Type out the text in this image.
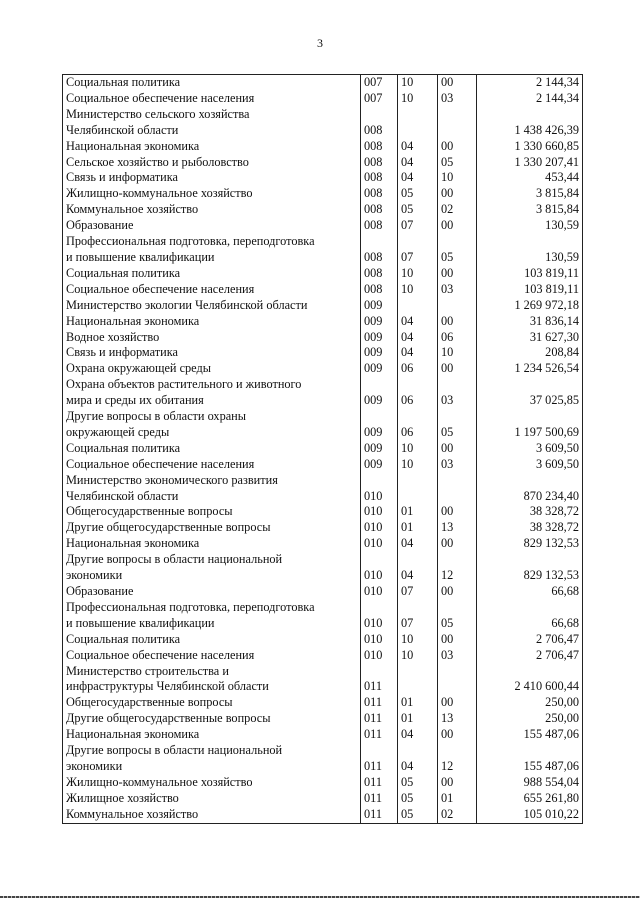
3
Социальная политика	007	10	00	2 144,34

Социальное обеспечение населения	007	10	03	2 144,34

Министерство сельского хозяйства
Челябинской области	008			1 438 426,39

Национальная экономика	008	04	00	1 330 660,85

Сельское хозяйство и рыболовство	008	04	05	1 330 207,41

Связь и информатика	008	04	10	453,44

Жилищно-коммунальное хозяйство	008	05	00	3 815,84

Коммунальное хозяйство	008	05	02	3 815,84

Образование	008	07	00	130,59

Профессиональная подготовка, переподготовка
и повышение квалификации	008	07	05	130,59

Социальная политика	008	10	00	103 819,11

Социальное обеспечение населения	008	10	03	103 819,11

Министерство экологии Челябинской области	009			1 269 972,18

Национальная экономика	009	04	00	31 836,14

Водное хозяйство	009	04	06	31 627,30

Связь и информатика	009	04	10	208,84

Охрана окружающей среды	009	06	00	1 234 526,54

Охрана объектов растительного и животного
мира и среды их обитания	009	06	03	37 025,85

Другие вопросы в области охраны
окружающей среды	009	06	05	1 197 500,69

Социальная политика	009	10	00	3 609,50

Социальное обеспечение населения	009	10	03	3 609,50

Министерство экономического развития
Челябинской области	010			870 234,40

Общегосударственные вопросы	010	01	00	38 328,72

Другие общегосударственные вопросы	010	01	13	38 328,72

Национальная экономика	010	04	00	829 132,53

Другие вопросы в области национальной
экономики	010	04	12	829 132,53

Образование	010	07	00	66,68

Профессиональная подготовка, переподготовка
и повышение квалификации	010	07	05	66,68

Социальная политика	010	10	00	2 706,47

Социальное обеспечение населения	010	10	03	2 706,47

Министерство строительства и
инфраструктуры Челябинской области	011			2 410 600,44

Общегосударственные вопросы	011	01	00	250,00

Другие общегосударственные вопросы	011	01	13	250,00

Национальная экономика	011	04	00	155 487,06

Другие вопросы в области национальной
экономики	011	04	12	155 487,06

Жилищно-коммунальное хозяйство	011	05	00	988 554,04

Жилищное хозяйство	011	05	01	655 261,80

Коммунальное хозяйство	011	05	02	105 010,22
